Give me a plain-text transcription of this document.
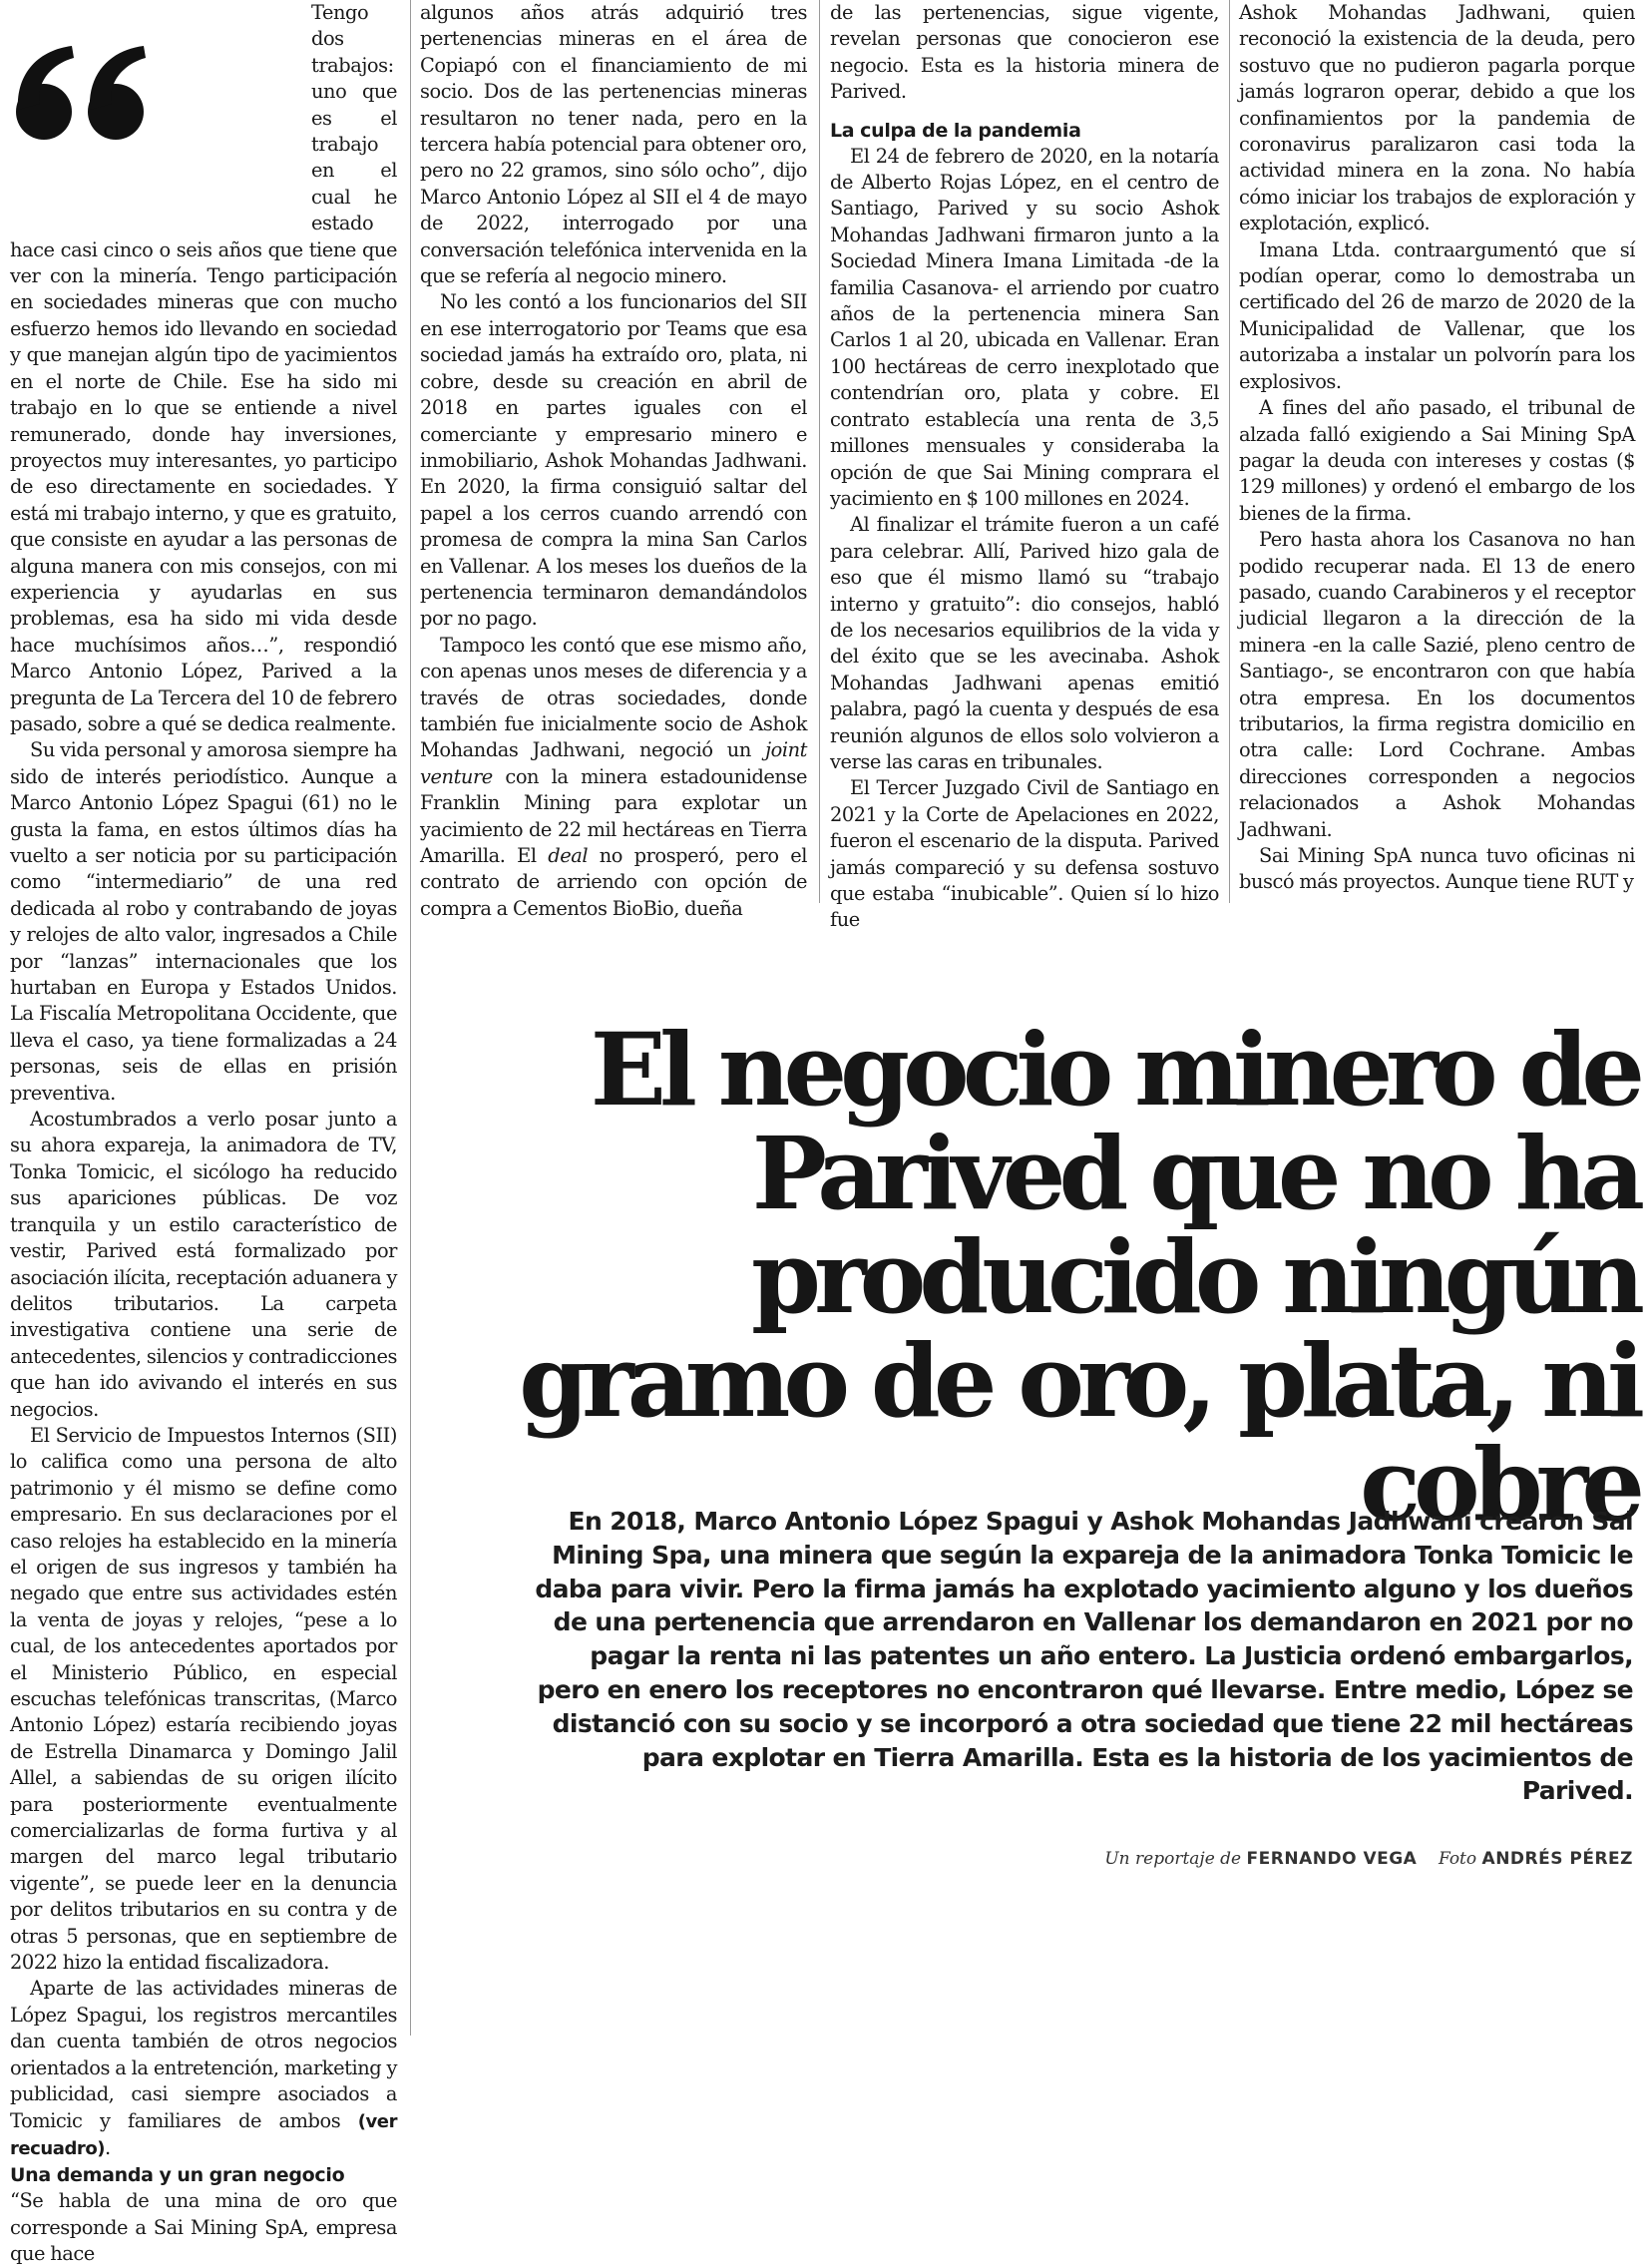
Tengo dos trabajos: uno que es el trabajo en el cual he estado hace casi cinco o seis años que tiene que ver con la minería. Tengo participación en sociedades mineras que con mucho esfuerzo hemos ido llevando en sociedad y que manejan algún tipo de yacimientos en el norte de Chile. Ese ha sido mi trabajo en lo que se entiende a nivel remunerado, donde hay inversiones, proyectos muy interesantes, yo participo de eso directamente en sociedades. Y está mi trabajo interno, y que es gratuito, que consiste en ayudar a las personas de alguna manera con mis consejos, con mi experiencia y ayudarlas en sus problemas, esa ha sido mi vida desde hace muchísimos años…”, respondió Marco Antonio López, Parived a la pregunta de La Tercera del 10 de febrero pasado, sobre a qué se dedica realmente.

Su vida personal y amorosa siempre ha sido de interés periodístico. Aunque a Marco Antonio López Spagui (61) no le gusta la fama, en estos últimos días ha vuelto a ser noticia por su participación como “intermediario” de una red dedicada al robo y contrabando de joyas y relojes de alto valor, ingresados a Chile por “lanzas” internacionales que los hurtaban en Europa y Estados Unidos. La Fiscalía Metropolitana Occidente, que lleva el caso, ya tiene formalizadas a 24 personas, seis de ellas en prisión preventiva.

Acostumbrados a verlo posar junto a su ahora expareja, la animadora de TV, Tonka Tomicic, el sicólogo ha reducido sus apariciones públicas. De voz tranquila y un estilo característico de vestir, Parived está formalizado por asociación ilícita, receptación aduanera y delitos tributarios. La carpeta investigativa contiene una serie de antecedentes, silencios y contradicciones que han ido avivando el interés en sus negocios.

El Servicio de Impuestos Internos (SII) lo califica como una persona de alto patrimonio y él mismo se define como empresario. En sus declaraciones por el caso relojes ha establecido en la minería el origen de sus ingresos y también ha negado que entre sus actividades estén la venta de joyas y relojes, “pese a lo cual, de los antecedentes aportados por el Ministerio Público, en especial escuchas telefónicas transcritas, (Marco Antonio López) estaría recibiendo joyas de Estrella Dinamarca y Domingo Jalil Allel, a sabiendas de su origen ilícito para posteriormente eventualmente comercializarlas de forma furtiva y al margen del marco legal tributario vigente”, se puede leer en la denuncia por delitos tributarios en su contra y de otras 5 personas, que en septiembre de 2022 hizo la entidad fiscalizadora.

Aparte de las actividades mineras de López Spagui, los registros mercantiles dan cuenta también de otros negocios orientados a la entretención, marketing y publicidad, casi siempre asociados a Tomicic y familiares de ambos (ver recuadro).

Una demanda y un gran negocio

“Se habla de una mina de oro que corresponde a Sai Mining SpA, empresa que hace

algunos años atrás adquirió tres pertenencias mineras en el área de Copiapó con el financiamiento de mi socio. Dos de las pertenencias mineras resultaron no tener nada, pero en la tercera había potencial para obtener oro, pero no 22 gramos, sino sólo ocho”, dijo Marco Antonio López al SII el 4 de mayo de 2022, interrogado por una conversación telefónica intervenida en la que se refería al negocio minero.

No les contó a los funcionarios del SII en ese interrogatorio por Teams que esa sociedad jamás ha extraído oro, plata, ni cobre, desde su creación en abril de 2018 en partes iguales con el comerciante y empresario minero e inmobiliario, Ashok Mohandas Jadhwani. En 2020, la firma consiguió saltar del papel a los cerros cuando arrendó con promesa de compra la mina San Carlos en Vallenar. A los meses los dueños de la pertenencia terminaron demandándolos por no pago.

Tampoco les contó que ese mismo año, con apenas unos meses de diferencia y a través de otras sociedades, donde también fue inicialmente socio de Ashok Mohandas Jadhwani, negoció un joint venture con la minera estadounidense Franklin Mining para explotar un yacimiento de 22 mil hectáreas en Tierra Amarilla. El deal no prosperó, pero el contrato de arriendo con opción de compra a Cementos BioBio, dueña

de las pertenencias, sigue vigente, revelan personas que conocieron ese negocio. Esta es la historia minera de Parived.

La culpa de la pandemia

El 24 de febrero de 2020, en la notaría de Alberto Rojas López, en el centro de Santiago, Parived y su socio Ashok Mohandas Jadhwani firmaron junto a la Sociedad Minera Imana Limitada -de la familia Casanova- el arriendo por cuatro años de la pertenencia minera San Carlos 1 al 20, ubicada en Vallenar. Eran 100 hectáreas de cerro inexplotado que contendrían oro, plata y cobre. El contrato establecía una renta de 3,5 millones mensuales y consideraba la opción de que Sai Mining comprara el yacimiento en $ 100 millones en 2024.

Al finalizar el trámite fueron a un café para celebrar. Allí, Parived hizo gala de eso que él mismo llamó su “trabajo interno y gratuito”: dio consejos, habló de los necesarios equilibrios de la vida y del éxito que se les avecinaba. Ashok Mohandas Jadhwani apenas emitió palabra, pagó la cuenta y después de esa reunión algunos de ellos solo volvieron a verse las caras en tribunales.

El Tercer Juzgado Civil de Santiago en 2021 y la Corte de Apelaciones en 2022, fueron el escenario de la disputa. Parived jamás compareció y su defensa sostuvo que estaba “inubicable”. Quien sí lo hizo fue

Ashok Mohandas Jadhwani, quien reconoció la existencia de la deuda, pero sostuvo que no pudieron pagarla porque jamás lograron operar, debido a que los confinamientos por la pandemia de coronavirus paralizaron casi toda la actividad minera en la zona. No había cómo iniciar los trabajos de exploración y explotación, explicó.

Imana Ltda. contraargumentó que sí podían operar, como lo demostraba un certificado del 26 de marzo de 2020 de la Municipalidad de Vallenar, que los autorizaba a instalar un polvorín para los explosivos.

A fines del año pasado, el tribunal de alzada falló exigiendo a Sai Mining SpA pagar la deuda con intereses y costas ($ 129 millones) y ordenó el embargo de los bienes de la firma.

Pero hasta ahora los Casanova no han podido recuperar nada. El 13 de enero pasado, cuando Carabineros y el receptor judicial llegaron a la dirección de la minera -en la calle Sazié, pleno centro de Santiago-, se encontraron con que había otra empresa. En los documentos tributarios, la firma registra domicilio en otra calle: Lord Cochrane. Ambas direcciones corresponden a negocios relacionados a Ashok Mohandas Jadhwani.

Sai Mining SpA nunca tuvo oficinas ni buscó más proyectos. Aunque tiene RUT y

El negocio minero de Parived que no ha producido ningún gramo de oro, plata, ni cobre

En 2018, Marco Antonio López Spagui y Ashok Mohandas Jadhwani crearon Sai Mining Spa, una minera que según la expareja de la animadora Tonka Tomicic le daba para vivir. Pero la firma jamás ha explotado yacimiento alguno y los dueños de una pertenencia que arrendaron en Vallenar los demandaron en 2021 por no pagar la renta ni las patentes un año entero. La Justicia ordenó embargarlos, pero en enero los receptores no encontraron qué llevarse. Entre medio, López se distanció con su socio y se incorporó a otra sociedad que tiene 22 mil hectáreas para explotar en Tierra Amarilla. Esta es la historia de los yacimientos de Parived.

Un reportaje de FERNANDO VEGA Foto ANDRÉS PÉREZ
